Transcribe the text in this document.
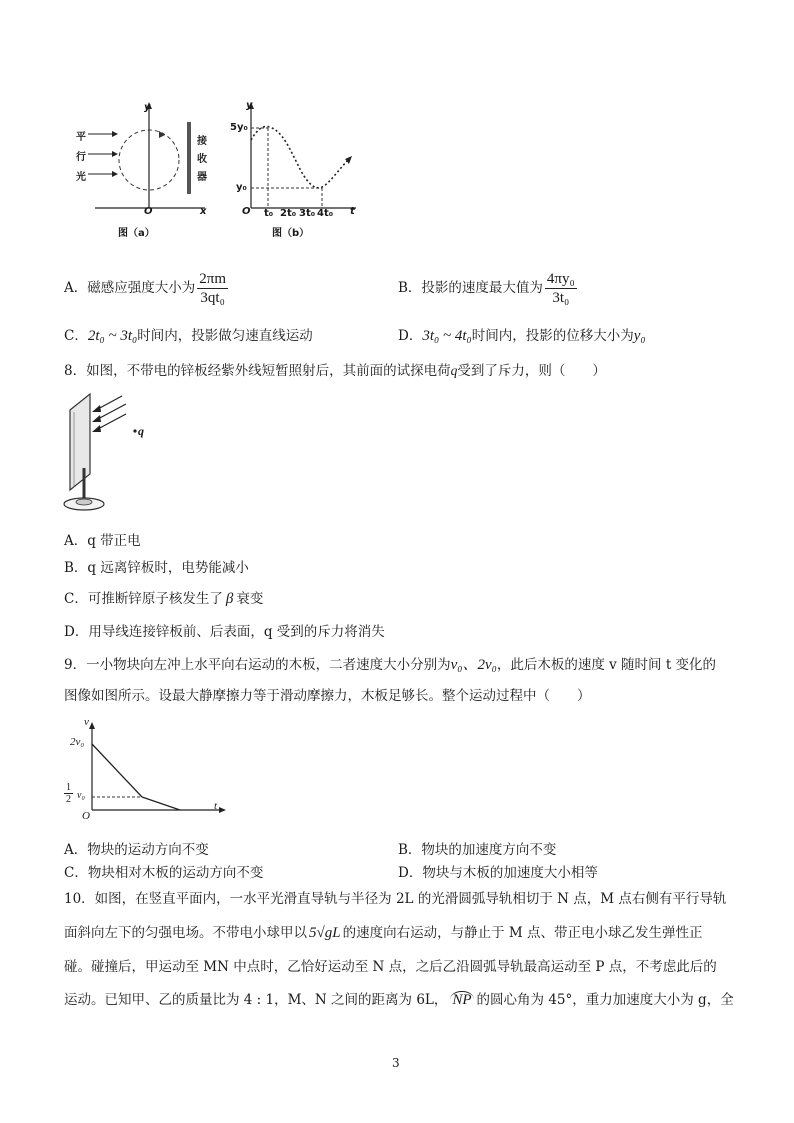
y
x
O
平
行
光
接
收
器
图（a）
y
t
O
5y₀
y₀
t₀ 2t₀ 3t₀ 4t₀
图（b）
A．磁感应强度大小为 $\frac{2\pi m}{\text{3qt₀}}$	B．投影的速度最大值为 $\frac{\text{4πy₀}}{\text{3t₀}}$
C．2t₀ ~ 3t₀时间内，投影做匀速直线运动	D．3t₀ ~ 4t₀时间内，投影的位移大小为y₀
8．如图，不带电的锌板经紫外线短暂照射后，其前面的试探电荷q受到了斥力，则（　　）
q
A．q 带正电
B．q 远离锌板时，电势能减小
C．可推断锌原子核发生了 β 衰变
D．用导线连接锌板前、后表面，q 受到的斥力将消失
9．一小物块向左冲上水平向右运动的木板，二者速度大小分别为v₀、2v₀，此后木板的速度 v 随时间 t 变化的
图像如图所示。设最大静摩擦力等于滑动摩擦力，木板足够长。整个运动过程中（　　）
v
t
O
2v₀
$\frac{1}{2} v_0$
A．物块的运动方向不变	B．物块的加速度方向不变
C．物块相对木板的运动方向不变	D．物块与木板的加速度大小相等
10．如图，在竖直平面内，一水平光滑直导轨与半径为 2L 的光滑圆弧导轨相切于 N 点，M 点右侧有平行导轨
面斜向左下的匀强电场。不带电小球甲以 5√gL 的速度向右运动，与静止于 M 点、带正电小球乙发生弹性正
碰。碰撞后，甲运动至 MN 中点时，乙恰好运动至 N 点，之后乙沿圆弧导轨最高运动至 P 点，不考虑此后的
运动。已知甲、乙的质量比为 4 : 1，M、N 之间的距离为 6L， NP 的圆心角为 45°，重力加速度大小为 g，全
3
